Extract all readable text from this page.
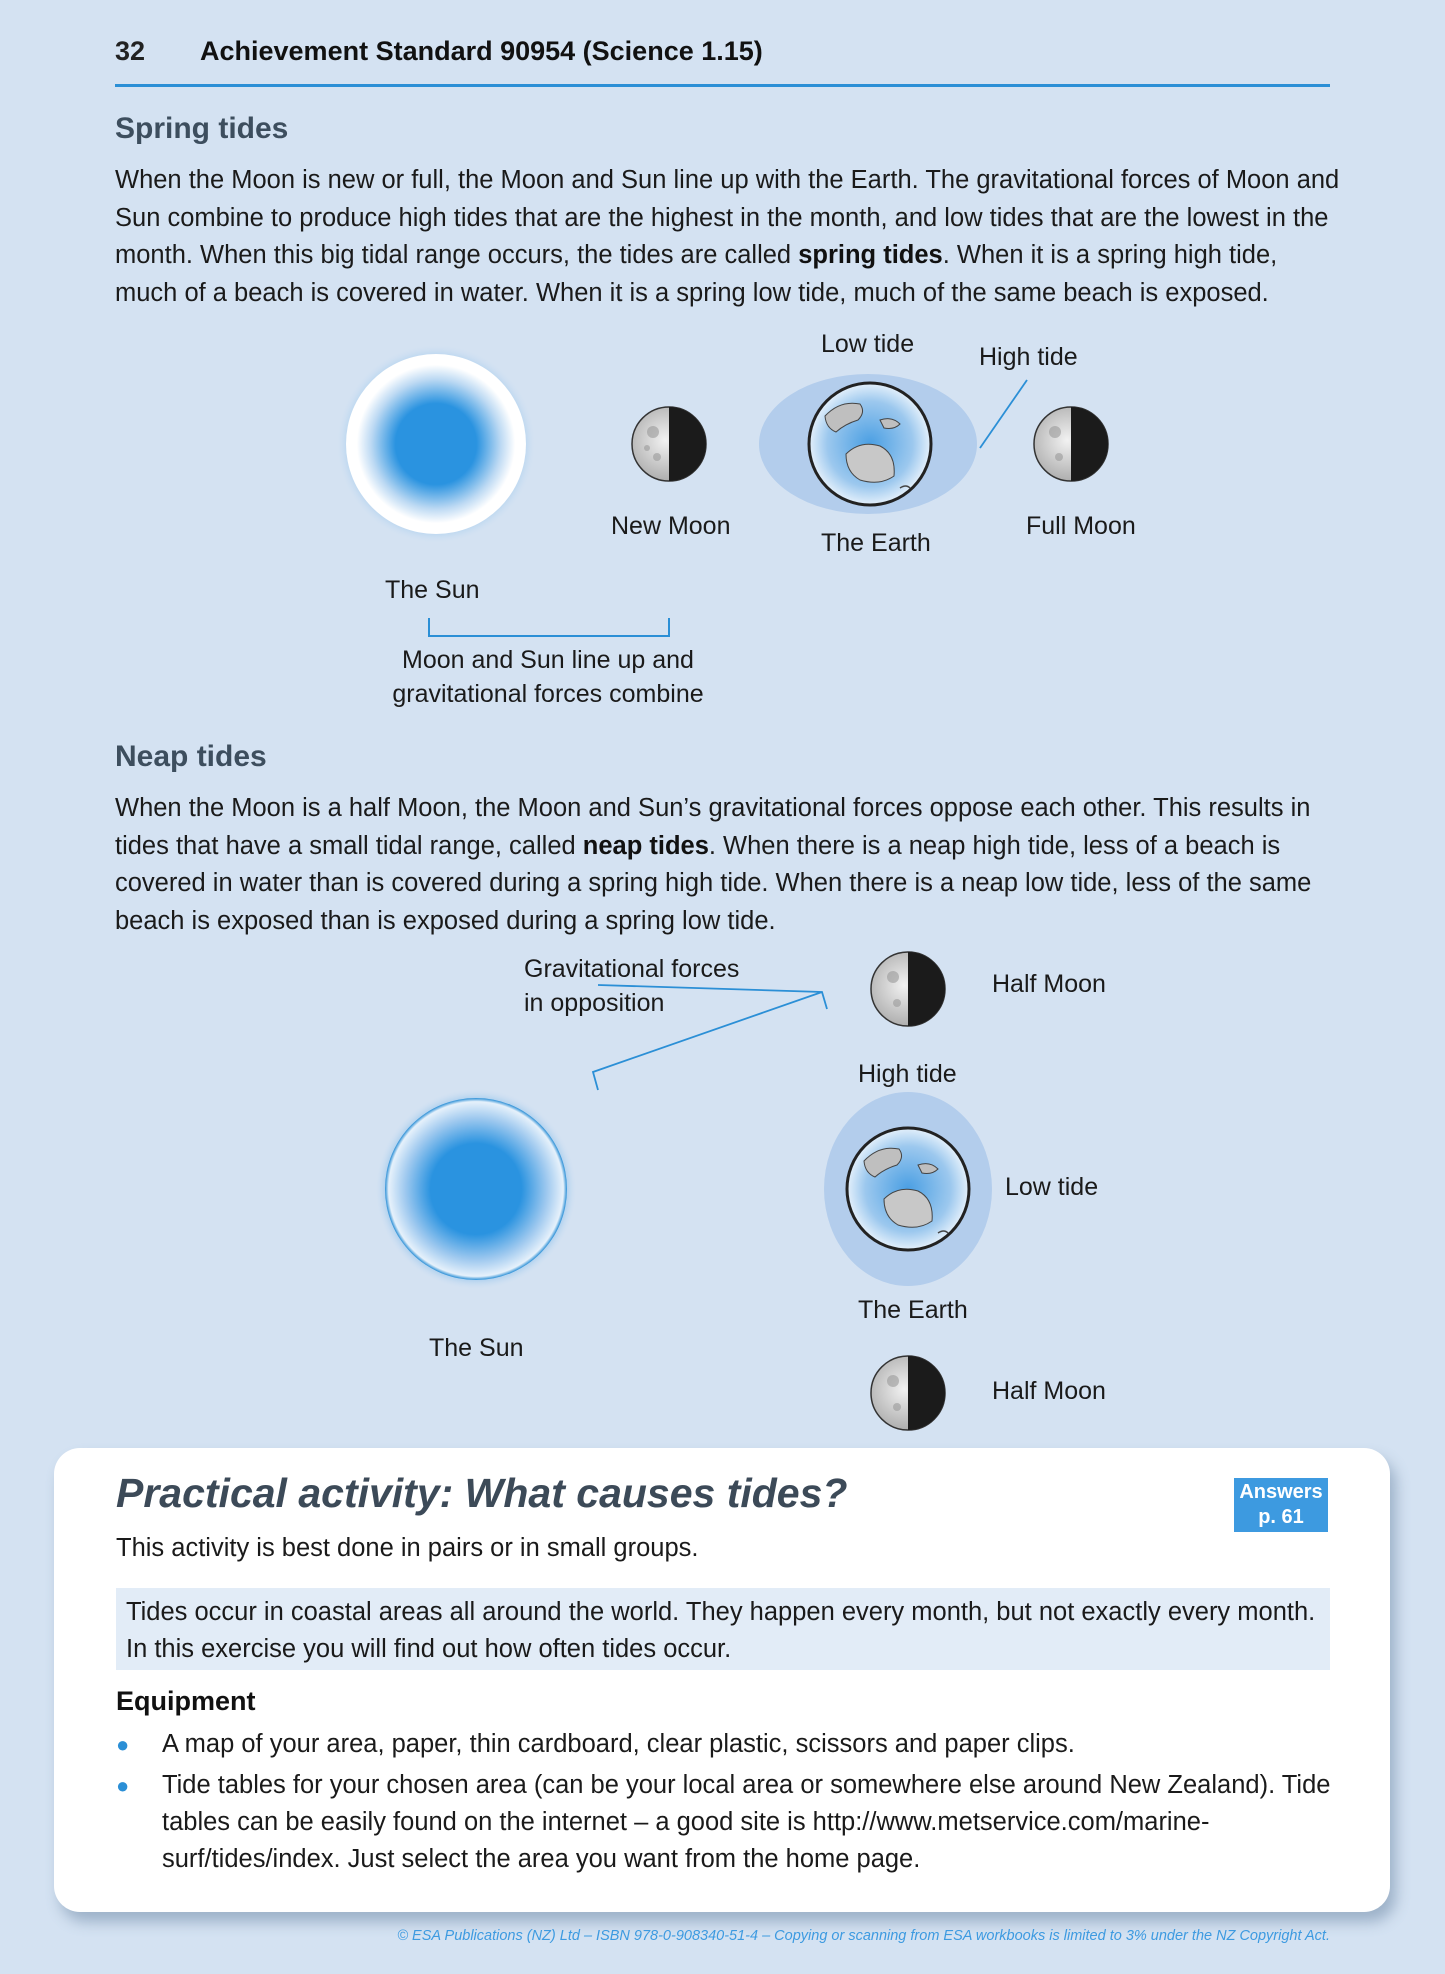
32 Achievement Standard 90954 (Science 1.15)
Spring tides

When the Moon is new or full, the Moon and Sun line up with the Earth. The gravitational forces of Moon and Sun combine to produce high tides that are the highest in the month, and low tides that are the lowest in the month. When this big tidal range occurs, the tides are called spring tides. When it is a spring high tide, much of a beach is covered in water. When it is a spring low tide, much of the same beach is exposed.

The Sun
New Moon
Low tide	High tide
The Earth
Full Moon
Moon and Sun line up and
gravitational forces combine
Neap tides

When the Moon is a half Moon, the Moon and Sun’s gravitational forces oppose each other. This results in tides that have a small tidal range, called neap tides. When there is a neap high tide, less of a beach is covered in water than is covered during a spring high tide. When there is a neap low tide, less of the same beach is exposed than is exposed during a spring low tide.

Gravitational forces
in opposition
Half Moon
High tide
Low tide
The Earth
The Sun
Half Moon
Practical activity: What causes tides?	Answers
p. 61
This activity is best done in pairs or in small groups.
Tides occur in coastal areas all around the world. They happen every month, but not exactly every month. In this exercise you will find out how often tides occur.
Equipment
● A map of your area, paper, thin cardboard, clear plastic, scissors and paper clips.
● Tide tables for your chosen area (can be your local area or somewhere else around New Zealand). Tide tables can be easily found on the internet – a good site is http://www.metservice.com/marine-surf/tides/index. Just select the area you want from the home page.
© ESA Publications (NZ) Ltd – ISBN 978-0-908340-51-4 – Copying or scanning from ESA workbooks is limited to 3% under the NZ Copyright Act.
